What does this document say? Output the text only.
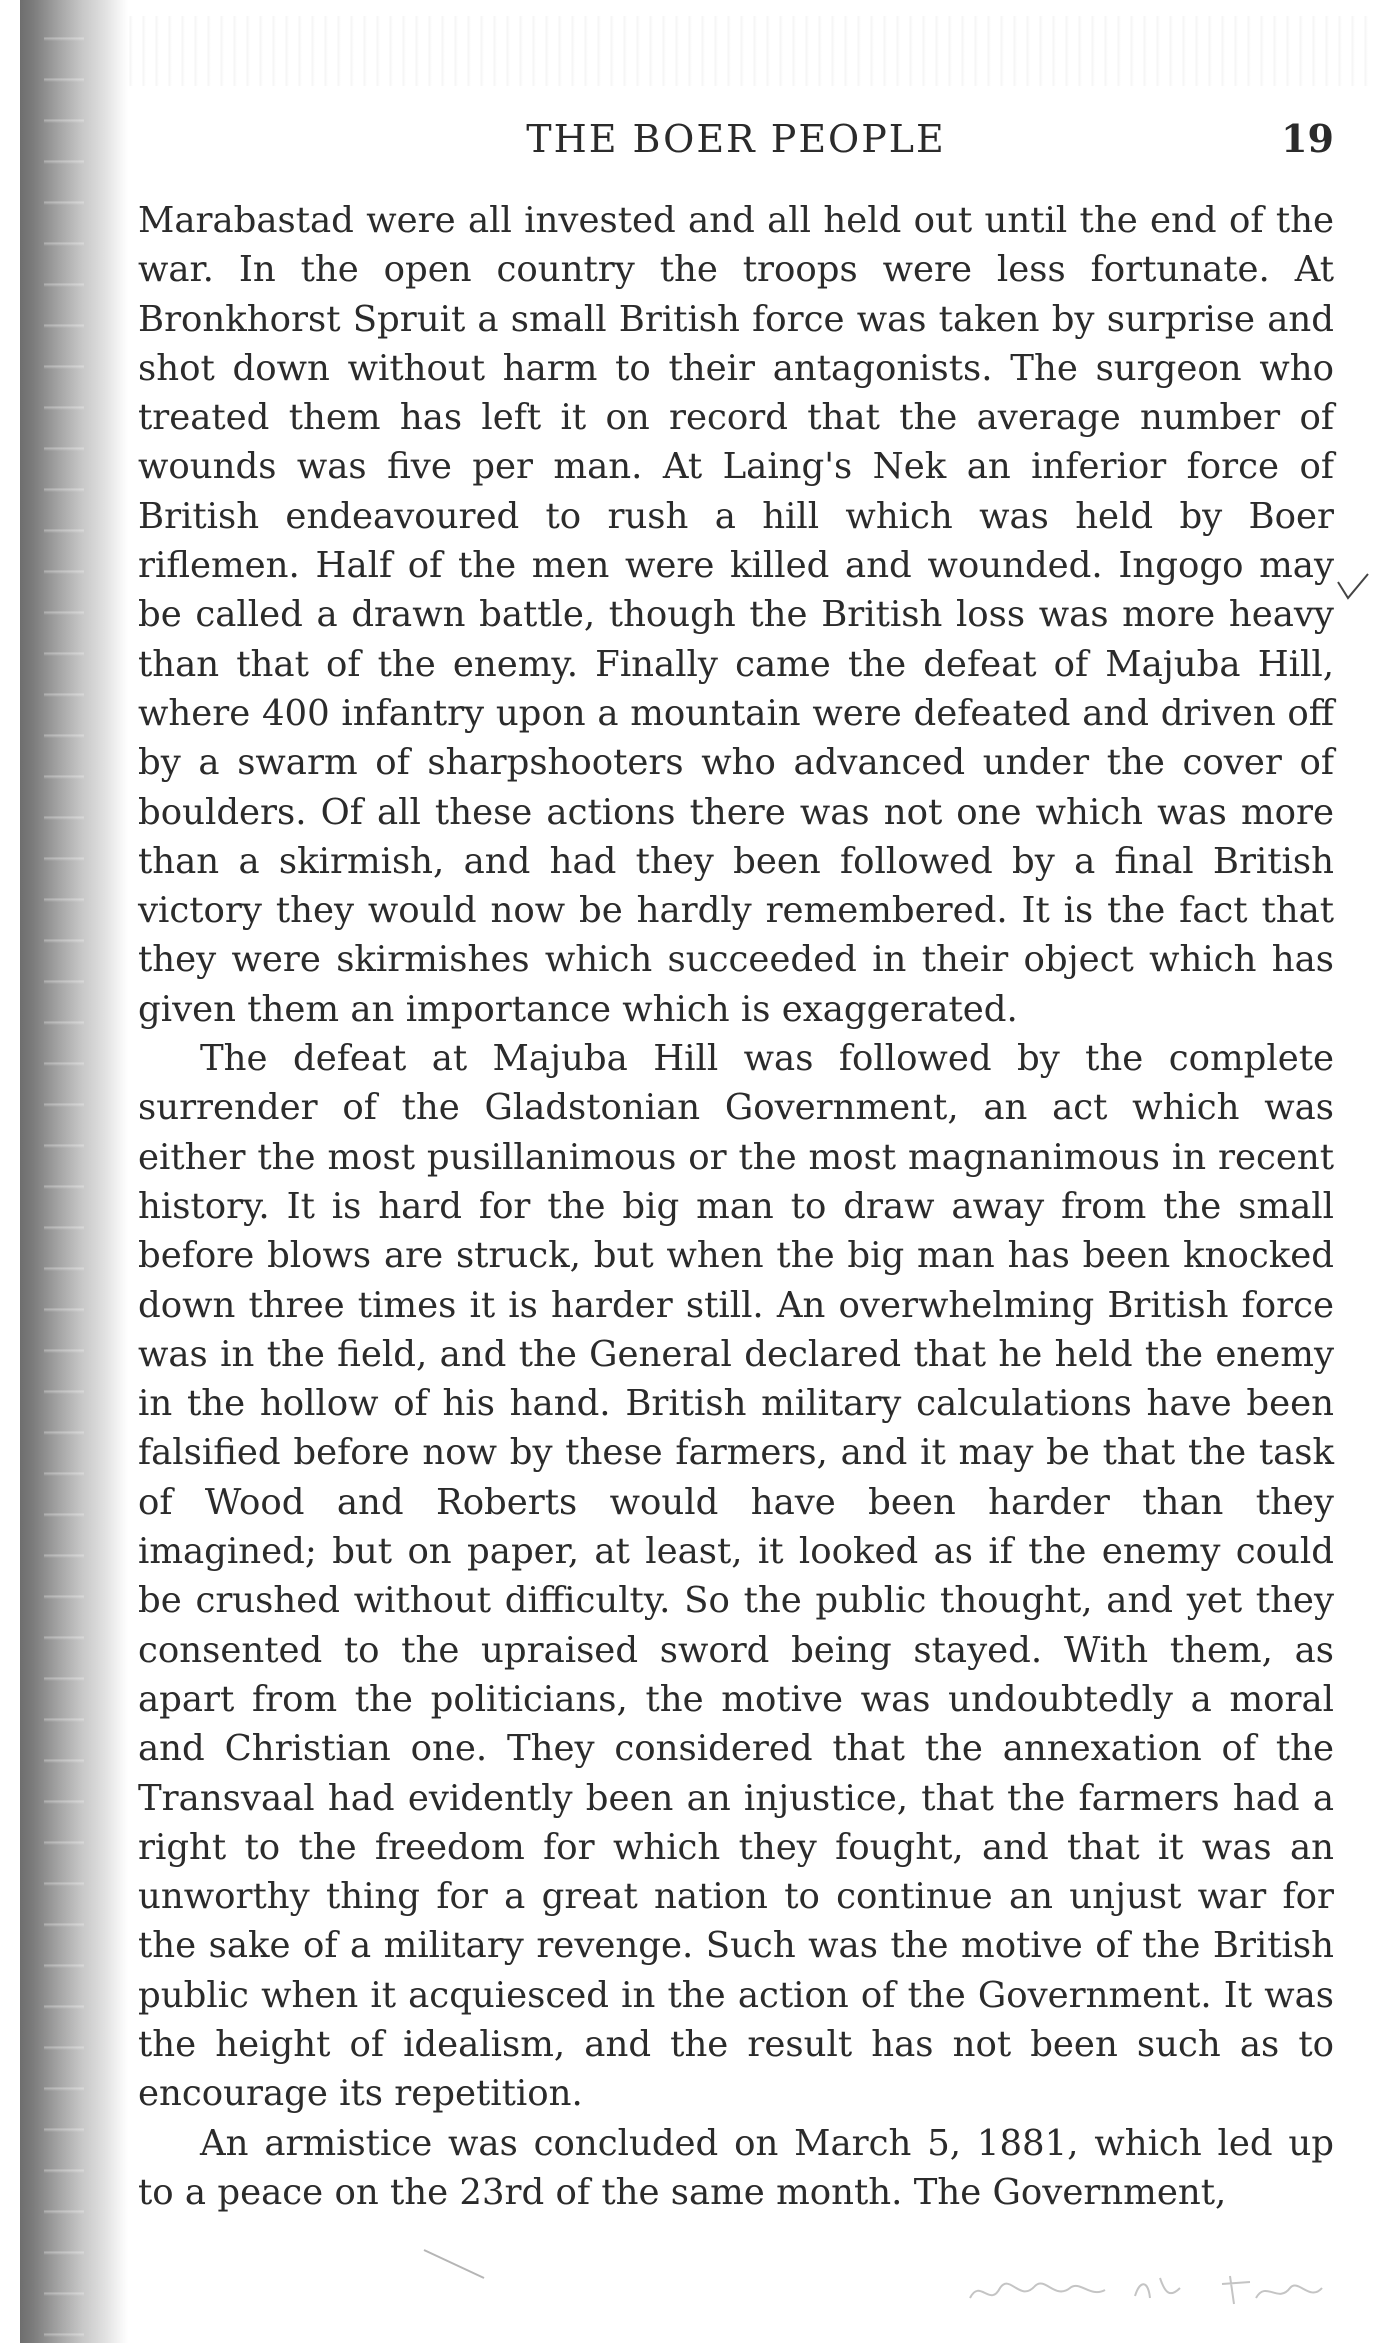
THE BOER PEOPLE	19

Marabastad were all invested and all held out until the end of the war. In the open country the troops were less fortunate. At Bronkhorst Spruit a small British force was taken by surprise and shot down without harm to their antagonists. The surgeon who treated them has left it on record that the average number of wounds was five per man. At Laing's Nek an inferior force of British endeavoured to rush a hill which was held by Boer riflemen. Half of the men were killed and wounded. Ingogo may be called a drawn battle, though the British loss was more heavy than that of the enemy. Finally came the defeat of Majuba Hill, where 400 infantry upon a mountain were defeated and driven off by a swarm of sharpshooters who advanced under the cover of boulders. Of all these actions there was not one which was more than a skirmish, and had they been followed by a final British victory they would now be hardly remembered. It is the fact that they were skirmishes which succeeded in their object which has given them an importance which is exaggerated.

The defeat at Majuba Hill was followed by the complete surrender of the Gladstonian Government, an act which was either the most pusillanimous or the most magnanimous in recent history. It is hard for the big man to draw away from the small before blows are struck, but when the big man has been knocked down three times it is harder still. An overwhelming British force was in the field, and the General declared that he held the enemy in the hollow of his hand. British military calculations have been falsified before now by these farmers, and it may be that the task of Wood and Roberts would have been harder than they imagined; but on paper, at least, it looked as if the enemy could be crushed without difficulty. So the public thought, and yet they consented to the upraised sword being stayed. With them, as apart from the politicians, the motive was undoubtedly a moral and Christian one. They considered that the annexation of the Transvaal had evidently been an injustice, that the farmers had a right to the freedom for which they fought, and that it was an unworthy thing for a great nation to continue an unjust war for the sake of a military revenge. Such was the motive of the British public when it acquiesced in the action of the Government. It was the height of idealism, and the result has not been such as to encourage its repetition.

An armistice was concluded on March 5, 1881, which led up to a peace on the 23rd of the same month. The Government,
